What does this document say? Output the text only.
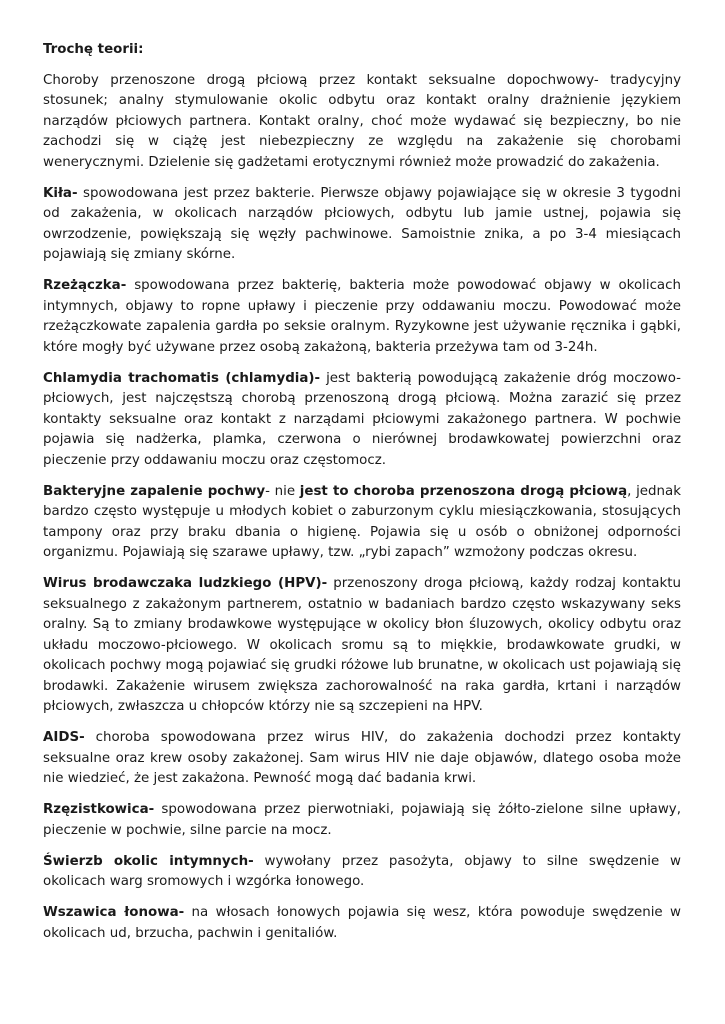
Trochę teorii:

Choroby przenoszone drogą płciową przez kontakt seksualne dopochwowy- tradycyjny stosunek; analny stymulowanie okolic odbytu oraz kontakt oralny drażnienie językiem narządów płciowych partnera. Kontakt oralny, choć może wydawać się bezpieczny, bo nie zachodzi się w ciążę jest niebezpieczny ze względu na zakażenie się chorobami wenerycznymi. Dzielenie się gadżetami erotycznymi również może prowadzić do zakażenia.

Kiła- spowodowana jest przez bakterie. Pierwsze objawy pojawiające się w okresie 3 tygodni od zakażenia, w okolicach narządów płciowych, odbytu lub jamie ustnej, pojawia się owrzodzenie, powiększają się węzły pachwinowe. Samoistnie znika, a po 3-4 miesiącach pojawiają się zmiany skórne.

Rzeżączka- spowodowana przez bakterię, bakteria może powodować objawy w okolicach intymnych, objawy to ropne upławy i pieczenie przy oddawaniu moczu. Powodować może rzeżączkowate zapalenia gardła po seksie oralnym. Ryzykowne jest używanie ręcznika i gąbki, które mogły być używane przez osobą zakażoną, bakteria przeżywa tam od 3-24h.

Chlamydia trachomatis (chlamydia)- jest bakterią powodującą zakażenie dróg moczowo-płciowych, jest najczęstszą chorobą przenoszoną drogą płciową. Można zarazić się przez kontakty seksualne oraz kontakt z narządami płciowymi zakażonego partnera. W pochwie pojawia się nadżerka, plamka, czerwona o nierównej brodawkowatej powierzchni oraz pieczenie przy oddawaniu moczu oraz częstomocz.

Bakteryjne zapalenie pochwy- nie jest to choroba przenoszona drogą płciową, jednak bardzo często występuje u młodych kobiet o zaburzonym cyklu miesiączkowania, stosujących tampony oraz przy braku dbania o higienę. Pojawia się u osób o obniżonej odporności organizmu. Pojawiają się szarawe upławy, tzw. „rybi zapach” wzmożony podczas okresu.

Wirus brodawczaka ludzkiego (HPV)- przenoszony droga płciową, każdy rodzaj kontaktu seksualnego z zakażonym partnerem, ostatnio w badaniach bardzo często wskazywany seks oralny. Są to zmiany brodawkowe występujące w okolicy błon śluzowych, okolicy odbytu oraz układu moczowo-płciowego. W okolicach sromu są to miękkie, brodawkowate grudki, w okolicach pochwy mogą pojawiać się grudki różowe lub brunatne, w okolicach ust pojawiają się brodawki. Zakażenie wirusem zwiększa zachorowalność na raka gardła, krtani i narządów płciowych, zwłaszcza u chłopców którzy nie są szczepieni na HPV.

AIDS- choroba spowodowana przez wirus HIV, do zakażenia dochodzi przez kontakty seksualne oraz krew osoby zakażonej. Sam wirus HIV nie daje objawów, dlatego osoba może nie wiedzieć, że jest zakażona. Pewność mogą dać badania krwi.

Rzęzistkowica- spowodowana przez pierwotniaki, pojawiają się żółto-zielone silne upławy, pieczenie w pochwie, silne parcie na mocz.

Świerzb okolic intymnych- wywołany przez pasożyta, objawy to silne swędzenie w okolicach warg sromowych i wzgórka łonowego.

Wszawica łonowa- na włosach łonowych pojawia się wesz, która powoduje swędzenie w okolicach ud, brzucha, pachwin i genitaliów.
